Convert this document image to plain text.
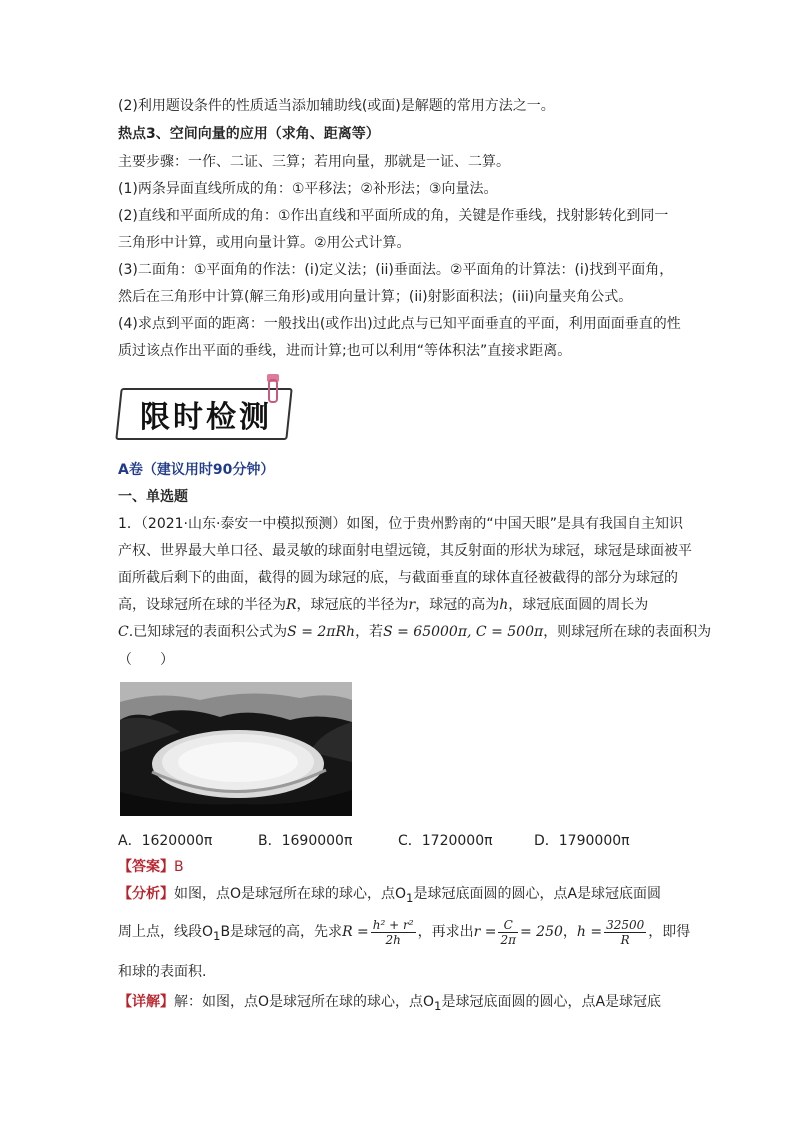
(2)利用题设条件的性质适当添加辅助线(或面)是解题的常用方法之一。
热点3、空间向量的应用（求角、距离等）
主要步骤：一作、二证、三算；若用向量，那就是一证、二算。
(1)两条异面直线所成的角：①平移法；②补形法；③向量法。
(2)直线和平面所成的角：①作出直线和平面所成的角，关键是作垂线，找射影转化到同一
三角形中计算，或用向量计算。②用公式计算。
(3)二面角：①平面角的作法：(i)定义法；(ii)垂面法。②平面角的计算法：(i)找到平面角，
然后在三角形中计算(解三角形)或用向量计算；(ii)射影面积法；(iii)向量夹角公式。
(4)求点到平面的距离：一般找出(或作出)过此点与已知平面垂直的平面，利用面面垂直的性
质过该点作出平面的垂线，进而计算;也可以利用“等体积法”直接求距离。
限时检测
A卷（建议用时90分钟）
一、单选题
1．（2021·山东·泰安一中模拟预测）如图，位于贵州黔南的“中国天眼”是具有我国自主知识
产权、世界最大单口径、最灵敏的球面射电望远镜，其反射面的形状为球冠，球冠是球面被平
面所截后剩下的曲面，截得的圆为球冠的底，与截面垂直的球体直径被截得的部分为球冠的
高，设球冠所在球的半径为R，球冠底的半径为r，球冠的高为h，球冠底面圆的周长为
C.已知球冠的表面积公式为S = 2πRh，若S = 65000π, C = 500π，则球冠所在球的表面积为
（　　）
A．1620000π	B．1690000π	C．1720000π	D．1790000π
【答案】B
【分析】如图，点O是球冠所在球的球心，点$O_1$是球冠底面圆的圆心，点A是球冠底面圆
周上点，线段$O_1B$是球冠的高，先求$R = \frac{\text{h² + r²}}{2h}$ ，再求出$r = \frac{C}{2\pi} = 250$，$h = \frac{32500}{R}$ ，即得
和球的表面积.
【详解】解：如图，点O是球冠所在球的球心，点$O_1$是球冠底面圆的圆心，点A是球冠底
